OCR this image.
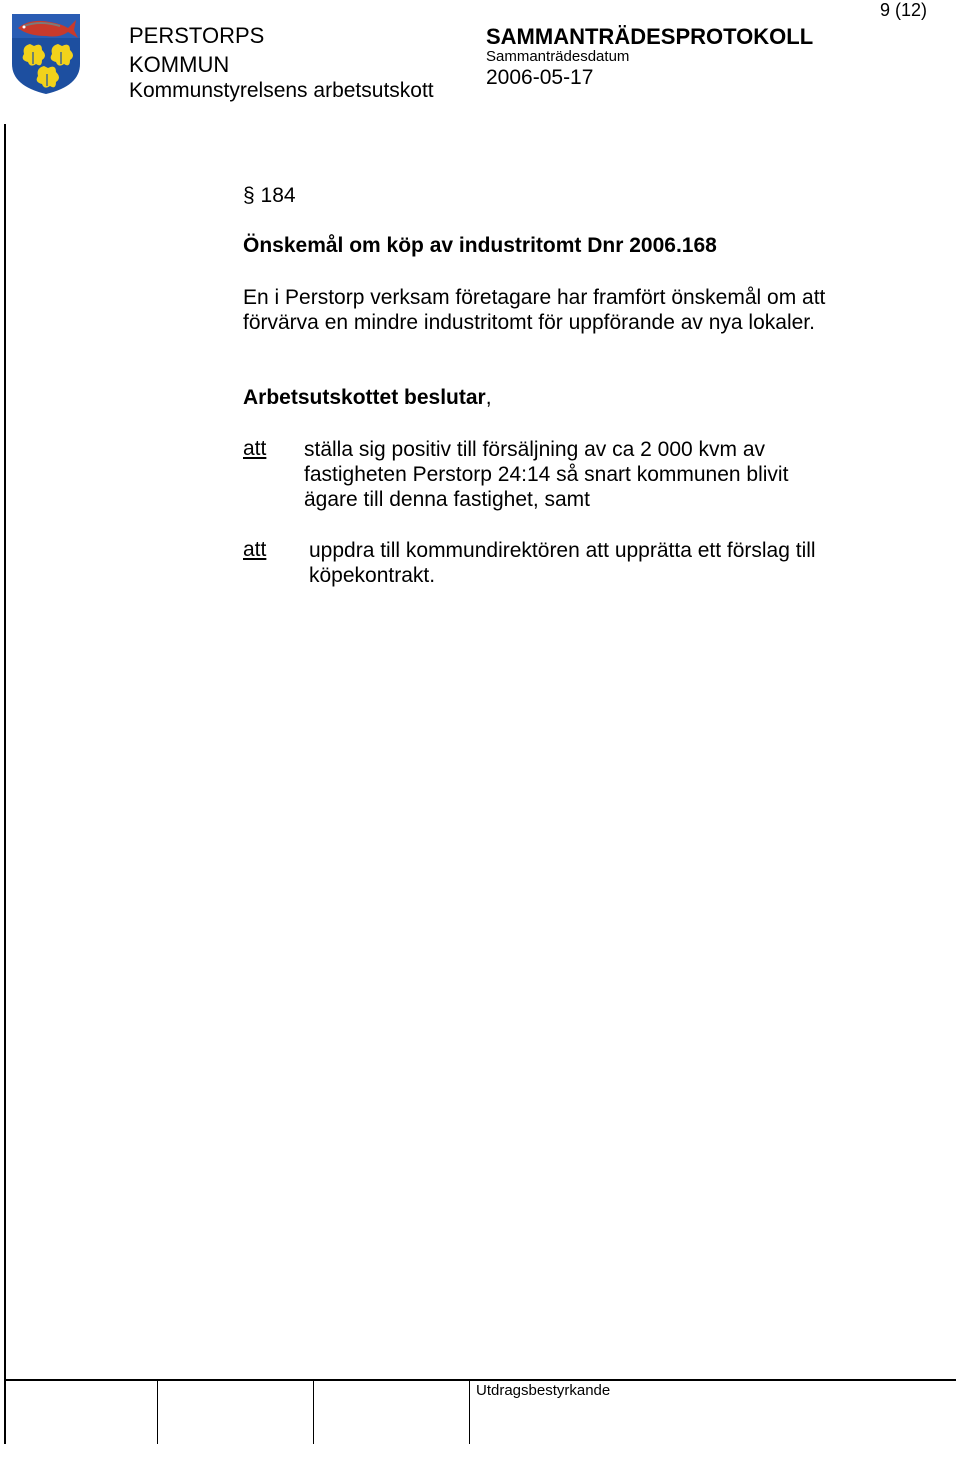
9 (12)
PERSTORPS
KOMMUN
Kommunstyrelsens arbetsutskott
SAMMANTRÄDESPROTOKOLL
Sammanträdesdatum
2006-05-17
§ 184
Önskemål om köp av industritomt Dnr 2006.168
En i Perstorp verksam företagare har framfört önskemål om att förvärva en mindre industritomt för uppförande av nya lokaler.
Arbetsutskottet beslutar,
att ställa sig positiv till försäljning av ca 2 000 kvm av fastigheten Perstorp 24:14 så snart kommunen blivit ägare till denna fastighet, samt
att uppdra till kommundirektören att upprätta ett förslag till köpekontrakt.
Utdragsbestyrkande
